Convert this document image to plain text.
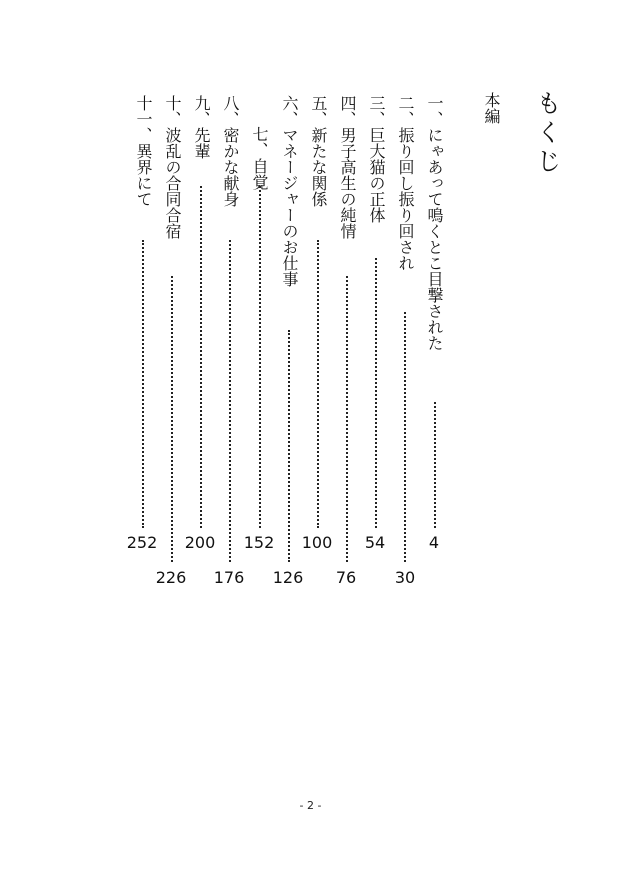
もくじ
本編
一、にゃあって鳴くとこ目撃された
4
二、振り回し振り回され
30
三、巨大猫の正体
54
四、男子高生の純情
76
五、新たな関係
100
六、マネージャーのお仕事
126
七、自覚
152
八、密かな献身
176
九、先輩
200
十、波乱の合同合宿
226
十一、異界にて
252
- 2 -
